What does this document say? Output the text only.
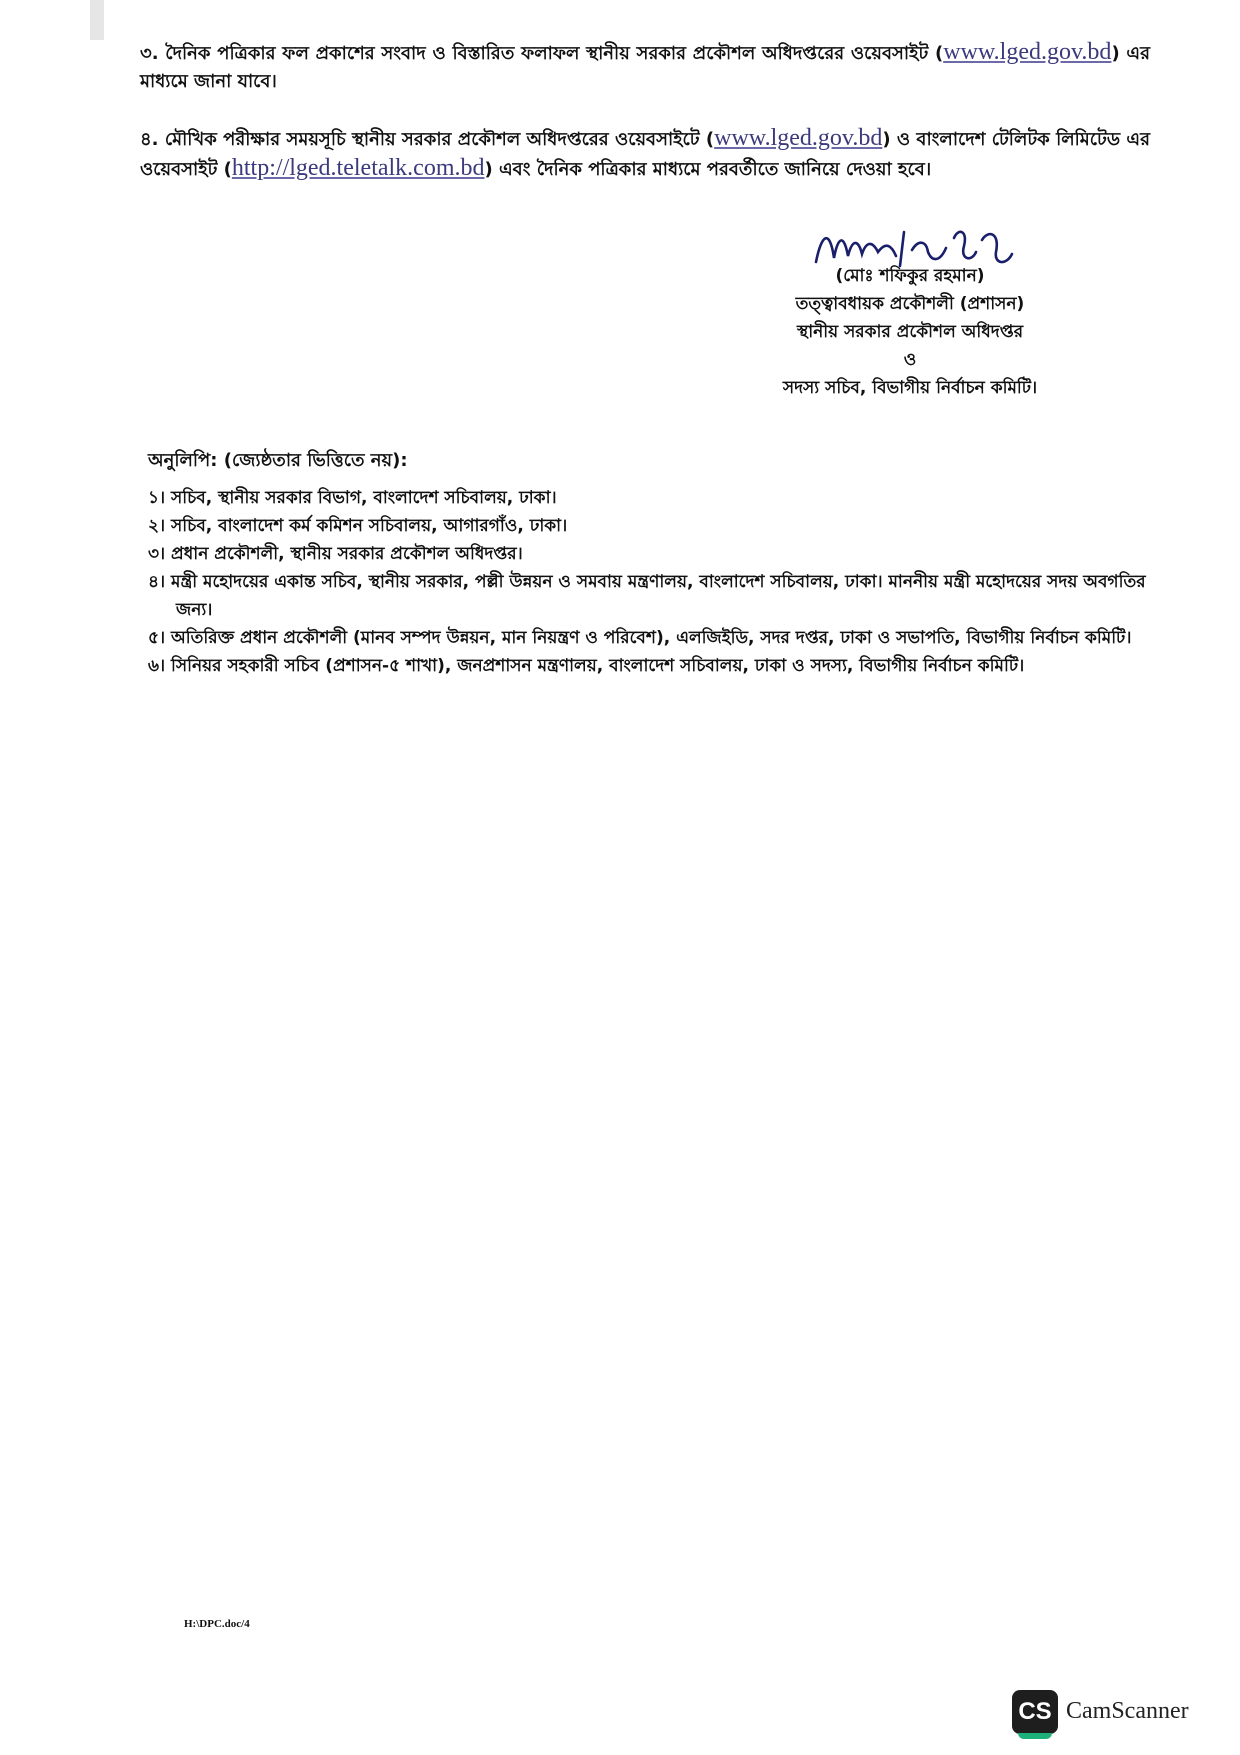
৩. দৈনিক পত্রিকার ফল প্রকাশের সংবাদ ও বিস্তারিত ফলাফল স্থানীয় সরকার প্রকৌশল অধিদপ্তরের ওয়েবসাইট (www.lged.gov.bd) এর মাধ্যমে জানা যাবে।

৪. মৌখিক পরীক্ষার সময়সূচি স্থানীয় সরকার প্রকৌশল অধিদপ্তরের ওয়েবসাইটে (www.lged.gov.bd) ও বাংলাদেশ টেলিটক লিমিটেড এর ওয়েবসাইট (http://lged.teletalk.com.bd) এবং দৈনিক পত্রিকার মাধ্যমে পরবর্তীতে জানিয়ে দেওয়া হবে।

(মোঃ শফিকুর রহমান)
তত্ত্বাবধায়ক প্রকৌশলী (প্রশাসন)
স্থানীয় সরকার প্রকৌশল অধিদপ্তর
ও
সদস্য সচিব, বিভাগীয় নির্বাচন কমিটি।
অনুলিপি: (জ্যেষ্ঠতার ভিত্তিতে নয়):
১। সচিব, স্থানীয় সরকার বিভাগ, বাংলাদেশ সচিবালয়, ঢাকা।
২। সচিব, বাংলাদেশ কর্ম কমিশন সচিবালয়, আগারগাঁও, ঢাকা।
৩। প্রধান প্রকৌশলী, স্থানীয় সরকার প্রকৌশল অধিদপ্তর।
৪। মন্ত্রী মহোদয়ের একান্ত সচিব, স্থানীয় সরকার, পল্লী উন্নয়ন ও সমবায় মন্ত্রণালয়, বাংলাদেশ সচিবালয়, ঢাকা। মাননীয় মন্ত্রী মহোদয়ের সদয় অবগতির জন্য।
৫। অতিরিক্ত প্রধান প্রকৌশলী (মানব সম্পদ উন্নয়ন, মান নিয়ন্ত্রণ ও পরিবেশ), এলজিইডি, সদর দপ্তর, ঢাকা ও সভাপতি, বিভাগীয় নির্বাচন কমিটি।
৬। সিনিয়র সহকারী সচিব (প্রশাসন-৫ শাখা), জনপ্রশাসন মন্ত্রণালয়, বাংলাদেশ সচিবালয়, ঢাকা ও সদস্য, বিভাগীয় নির্বাচন কমিটি।
H:\DPC.doc/4
CS CamScanner
